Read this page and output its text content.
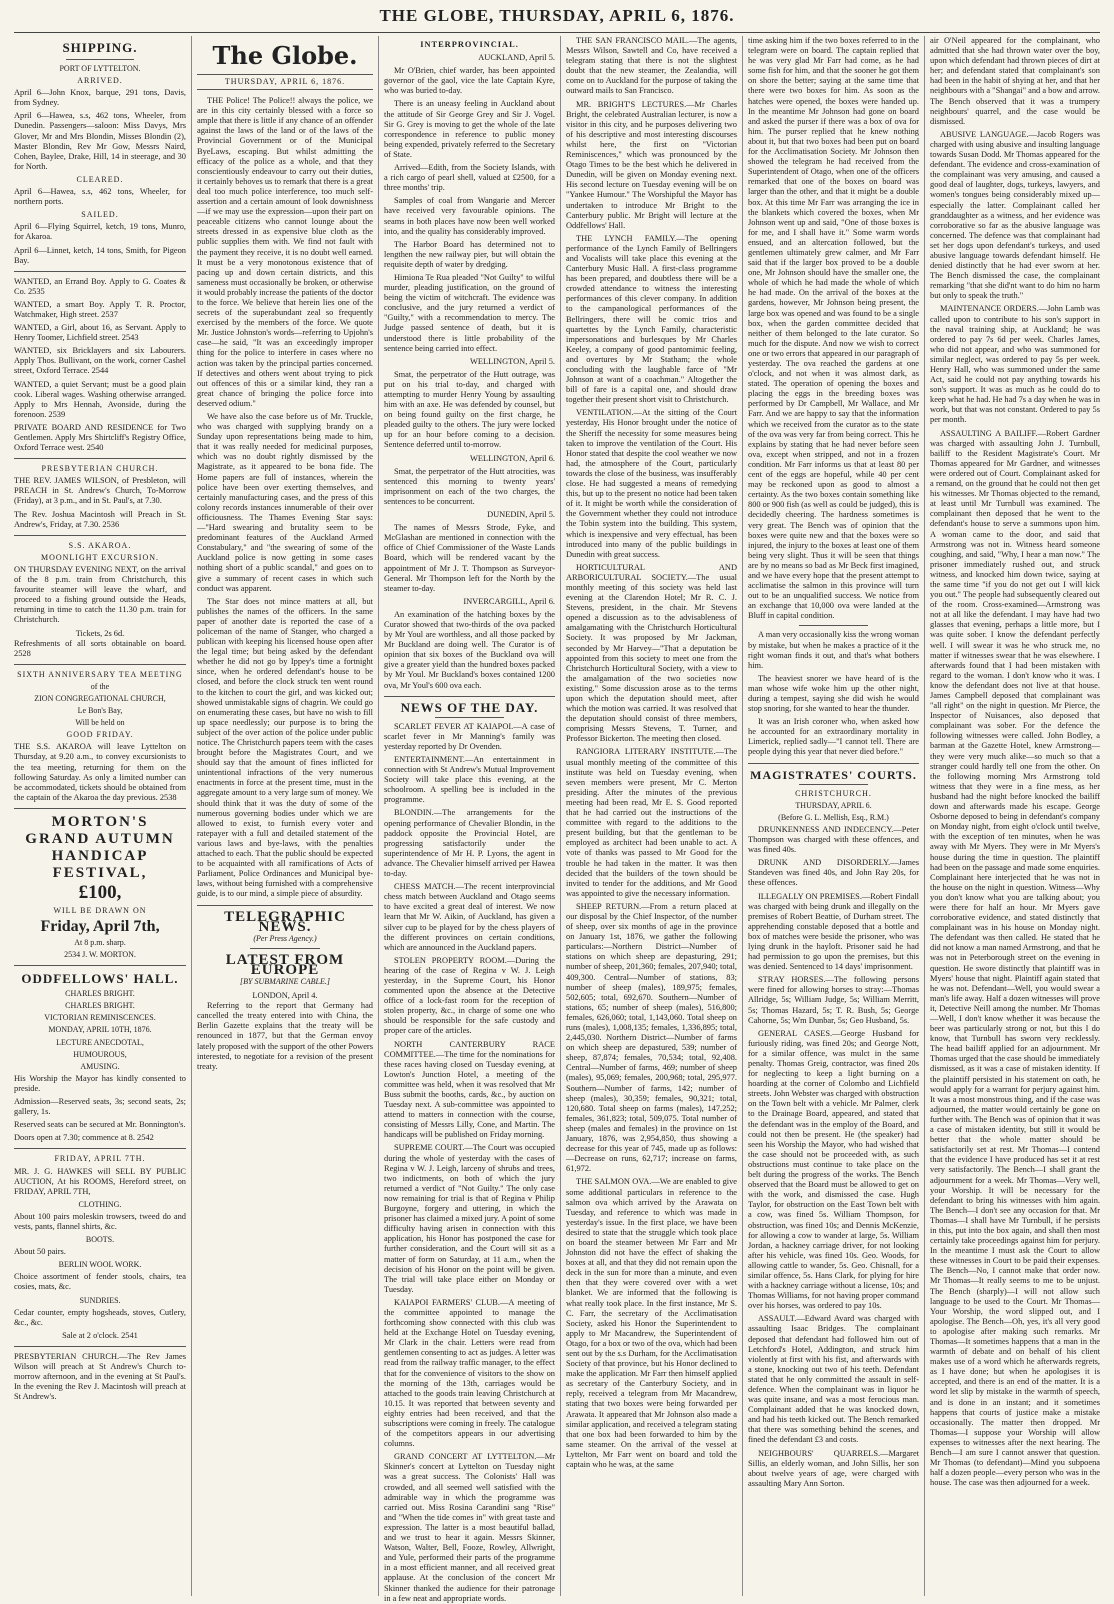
THE GLOBE, THURSDAY, APRIL 6, 1876.
SHIPPING.
PORT OF LYTTELTON.
ARRIVED.
April 6—John Knox, barque, 291 tons, Davis, from Sydney.
April 6—Hawea, s.s, 462 tons, Wheeler, from Dunedin. Passengers—saloon: Miss Davys, Mrs Glover, Mr and Mrs Blondin, Misses Blondin (2), Master Blondin, Rev Mr Gow, Messrs Naird, Cohen, Baylee, Drake, Hill, 14 in steerage, and 30 for North.
CLEARED.
April 6—Hawea, s.s, 462 tons, Wheeler, for northern ports.
SAILED.
April 6—Flying Squirrel, ketch, 19 tons, Munro, for Akaroa.
April 6—Linnet, ketch, 14 tons, Smith, for Pigeon Bay.
WANTED, an Errand Boy. Apply to G. Coates & Co. 2535
WANTED, a smart Boy. Apply T. R. Proctor, Watchmaker, High street. 2537
WANTED, a Girl, about 16, as Servant. Apply to Henry Toomer, Lichfield street. 2543
WANTED, six Bricklayers and six Labourers. Apply Thos. Bullivant, on the work, corner Cashel street, Oxford Terrace. 2544
WANTED, a quiet Servant; must be a good plain cook. Liberal wages. Washing otherwise arranged. Apply to Mrs Hennah, Avonside, during the forenoon. 2539
PRIVATE BOARD AND RESIDENCE for Two Gentlemen. Apply Mrs Shirtcliff's Registry Office, Oxford Terrace west. 2540
PRESBYTERIAN CHURCH.
THE REV. JAMES WILSON, of Presbleton, will PREACH in St. Andrew's Church, To-Morrow (Friday), at 3 p.m., and in St. Paul's, at 7.30.
The Rev. Joshua Macintosh will Preach in St. Andrew's, Friday, at 7.30. 2536
S.S. AKAROA.
MOONLIGHT EXCURSION.
ON THURSDAY EVENING NEXT, on the arrival of the 8 p.m. train from Christchurch, this favourite steamer will leave the wharf, and proceed to a fishing ground outside the Heads, returning in time to catch the 11.30 p.m. train for Christchurch.
Tickets, 2s 6d.
Refreshments of all sorts obtainable on board. 2528
SIXTH ANNIVERSARY TEA MEETING
of the
ZION CONGREGATIONAL CHURCH,
Le Bon's Bay,
Will be held on
GOOD FRIDAY.
THE S.S. AKAROA will leave Lyttelton on Thursday, at 9.20 a.m., to convey excursionists to the tea meeting, returning for them on the following Saturday. As only a limited number can be accommodated, tickets should be obtained from the captain of the Akaroa the day previous. 2538
MORTON'S
GRAND AUTUMN
HANDICAP FESTIVAL,
£100,
WILL BE DRAWN ON
Friday, April 7th,
At 8 p.m. sharp.
2534 J. W. MORTON.
ODDFELLOWS' HALL.
CHARLES BRIGHT.
CHARLES BRIGHT.
VICTORIAN REMINISCENCES.
MONDAY, APRIL 10TH, 1876.
LECTURE ANECDOTAL,
HUMOUROUS,
AMUSING.
His Worship the Mayor has kindly consented to preside.
Admission—Reserved seats, 3s; second seats, 2s; gallery, 1s.
Reserved seats can be secured at Mr. Bonnington's.
Doors open at 7.30; commence at 8. 2542
FRIDAY, APRIL 7TH.
MR. J. G. HAWKES will SELL BY PUBLIC AUCTION, At his ROOMS, Hereford street, on FRIDAY, APRIL 7TH,
CLOTHING.
About 100 pairs moleskin trowsers, tweed do and vests, pants, flannel shirts, &c.
BOOTS.
About 50 pairs.
BERLIN WOOL WORK.
Choice assortment of fender stools, chairs, tea cosies, mats, &c.
SUNDRIES.
Cedar counter, empty hogsheads, stoves, Cutlery, &c., &c.
Sale at 2 o'clock. 2541
PRESBYTERIAN CHURCH.—The Rev James Wilson will preach at St Andrew's Church to-morrow afternoon, and in the evening at St Paul's. In the evening the Rev J. Macintosh will preach at St Andrew's.
The Globe.
THURSDAY, APRIL 6, 1876.

THE Police! The Police!! always the police, we are in this city certainly blessed with a force so ample that there is little if any chance of an offender against the laws of the land or of the laws of the Provincial Government or of the Municipal ByeLaws, escaping. But whilst admitting the efficacy of the police as a whole, and that they conscientiously endeavour to carry out their duties, it certainly behoves us to remark that there is a great deal too much police interference, too much self-assertion and a certain amount of look downishness—if we may use the expression—upon their part on peaceable citizens who cannot lounge about the streets dressed in as expensive blue cloth as the public supplies them with. We find not fault with the payment they receive, it is no doubt well earned. It must be a very monotonous existence that of pacing up and down certain districts, and this sameness must occasionally be broken, or otherwise it would probably increase the patients of the doctor to the force. We believe that herein lies one of the secrets of the superabundant zeal so frequently exercised by the members of the force. We quote Mr. Justice Johnston's words—referring to Upjohn's case—he said, "It was an exceedingly improper thing for the police to interfere in cases where no action was taken by the principal parties concerned. If detectives and others went about trying to pick out offences of this or a similar kind, they ran a great chance of bringing the police force into deserved odium."

We have also the case before us of Mr. Truckle, who was charged with supplying brandy on a Sunday upon representations being made to him, that it was really needed for medicinal purposes, which was no doubt rightly dismissed by the Magistrate, as it appeared to be bona fide. The Home papers are full of instances, wherein the police have been over exerting themselves, and certainly manufacturing cases, and the press of this colony records instances innumerable of their over officiousness. The Thames Evening Star says:—"Hard swearing and brutality seem to be predominant features of the Auckland Armed Constabulary," and "the swearing of some of the Auckland police is now getting in some cases nothing short of a public scandal," and goes on to give a summary of recent cases in which such conduct was apparent.

The Star does not mince matters at all, but publishes the names of the officers. In the same paper of another date is reported the case of a policeman of the name of Stanger, who charged a publican with keeping his licensed house open after the legal time; but being asked by the defendant whether he did not go by Ippey's time a fortnight since, when he ordered defendant's house to be closed, and before the clock struck ten went round to the kitchen to court the girl, and was kicked out; showed unmistakable signs of chagrin. We could go on enumerating these cases, but have no wish to fill up space needlessly; our purpose is to bring the subject of the over action of the police under public notice. The Christchurch papers teem with the cases brought before the Magistrates Court, and we should say that the amount of fines inflicted for unintentional infractions of the very numerous enactments in force at the present time, must in the aggregate amount to a very large sum of money. We should think that it was the duty of some of the numerous governing bodies under which we are allowed to exist, to furnish every voter and ratepayer with a full and detailed statement of the various laws and bye-laws, with the penalties attached to each. That the public should be expected to be acquainted with all ramifications of Acts of Parliament, Police Ordinances and Municipal bye-laws, without being furnished with a comprehensive guide, is to our mind, a simple piece of absurdity.

TELEGRAPHIC NEWS.
(Per Press Agency.)
LATEST FROM EUROPE
[BY SUBMARINE CABLE.]
LONDON, April 4.

Referring to the report that Germany had cancelled the treaty entered into with China, the Berlin Gazette explains that the treaty will be renounced in 1877, but that the German envoy lately proposed with the support of the other Powers interested, to negotiate for a revision of the present treaty.

INTERPROVINCIAL.

AUCKLAND, April 5.

Mr O'Brien, chief warder, has been appointed governor of the gaol, vice the late Captain Kyre, who was buried to-day.

There is an uneasy feeling in Auckland about the attitude of Sir George Grey and Sir J. Vogel. Sir G. Grey is moving to get the whole of the late correspondence in reference to public money being expended, privately referred to the Secretary of State.

Arrived—Edith, from the Society Islands, with a rich cargo of pearl shell, valued at £2500, for a three months' trip.

Samples of coal from Wangarie and Mercer have received very favourable opinions. The seams in both places have now been well worked into, and the quality has considerably improved.

The Harbor Board has determined not to lengthen the new railway pier, but will obtain the requisite depth of water by dredging.

Himiona Te Rua pleaded "Not Guilty" to wilful murder, pleading justification, on the ground of being the victim of witchcraft. The evidence was conclusive, and the jury returned a verdict of "Guilty," with a recommendation to mercy. The Judge passed sentence of death, but it is understood there is little probability of the sentence being carried into effect.

WELLINGTON, April 5.

Smat, the perpetrator of the Hutt outrage, was put on his trial to-day, and charged with attempting to murder Henry Young by assaulting him with an axe. He was defended by counsel, but on being found guilty on the first charge, he pleaded guilty to the others. The jury were locked up for an hour before coming to a decision. Sentence deferred until to-morrow.

WELLINGTON, April 6.

Smat, the perpetrator of the Hutt atrocities, was sentenced this morning to twenty years' imprisonment on each of the two charges, the sentences to be concurrent.

DUNEDIN, April 5.

The names of Messrs Strode, Fyke, and McGlashan are mentioned in connection with the office of Chief Commissioner of the Waste Lands Board, which will be rendered vacant by the appointment of Mr J. T. Thompson as Surveyor-General. Mr Thompson left for the North by the steamer to-day.

INVERCARGILL, April 6.

An examination of the hatching boxes by the Curator showed that two-thirds of the ova packed by Mr Youl are worthless, and all those packed by Mr Buckland are doing well. The Curator is of opinion that six boxes of the Buckland ova will give a greater yield than the hundred boxes packed by Mr Youl. Mr Buckland's boxes contained 1200 ova, Mr Youl's 600 ova each.

NEWS OF THE DAY.

SCARLET FEVER AT KAIAPOI.—A case of scarlet fever in Mr Manning's family was yesterday reported by Dr Ovenden.

ENTERTAINMENT.—An entertainment in connection with St Andrew's Mutual Improvement Society will take place this evening, at the schoolroom. A spelling bee is included in the programme.

BLONDIN.—The arrangements for the opening performance of Chevalier Blondin, in the paddock opposite the Provincial Hotel, are progressing satisfactorily under the superintendence of Mr H. P. Lyons, the agent in advance. The Chevalier himself arrived per Hawea to-day.

CHESS MATCH.—The recent interprovincial chess match between Auckland and Otago seems to have excited a great deal of interest. We now learn that Mr W. Aikin, of Auckland, has given a silver cup to be played for by the chess players of the different provinces on certain conditions, which are announced in the Auckland papers.

STOLEN PROPERTY ROOM.—During the hearing of the case of Regina v W. J. Leigh yesterday, in the Supreme Court, his Honor commented upon the absence at the Detective office of a lock-fast room for the reception of stolen property, &c., in charge of some one who should be responsible for the safe custody and proper care of the articles.

NORTH CANTERBURY RACE COMMITTEE.—The time for the nominations for these races having closed on Tuesday evening, at Lowton's Junction Hotel, a meeting of the committee was held, when it was resolved that Mr Buss submit the booths, cards, &c., by auction on Tuesday next. A sub-committee was appointed to attend to matters in connection with the course, consisting of Messrs Lilly, Cone, and Martin. The handicaps will be published on Friday morning.

SUPREME COURT.—The Court was occupied during the whole of yesterday with the cases of Regina v W. J. Leigh, larceny of shrubs and trees, two indictments, on both of which the jury returned a verdict of "Not Guilty." The only case now remaining for trial is that of Regina v Philip Burgoyne, forgery and uttering, in which the prisoner has claimed a mixed jury. A point of some difficulty having arisen in connection with this application, his Honor has postponed the case for further consideration, and the Court will sit as a matter of form on Saturday, at 11 a.m., when the decision of his Honor on the point will be given. The trial will take place either on Monday or Tuesday.

KAIAPOI FARMERS' CLUB.—A meeting of the committee appointed to manage the forthcoming show connected with this club was held at the Exchange Hotel on Tuesday evening, Mr Clark in the chair. Letters were read from gentlemen consenting to act as judges. A letter was read from the railway traffic manager, to the effect that for the convenience of visitors to the show on the morning of the 13th, carriages would be attached to the goods train leaving Christchurch at 10.15. It was reported that between seventy and eighty entries had been received, and that the subscriptions were coming in freely. The catalogue of the competitors appears in our advertising columns.

GRAND CONCERT AT LYTTELTON.—Mr Skinner's concert at Lyttelton on Tuesday night was a great success. The Colonists' Hall was crowded, and all seemed well satisfied with the admirable way in which the programme was carried out. Miss Rosina Carandini sang "Rise" and "When the tide comes in" with great taste and expression. The latter is a most beautiful ballad, and we trust to hear it again. Messrs Skinner, Watson, Walter, Bell, Fooze, Rowley, Allwright, and Yule, performed their parts of the programme in a most efficient manner, and all received great applause. At the conclusion of the concert Mr Skinner thanked the audience for their patronage in a few neat and appropriate words.

THE SAN FRANCISCO MAIL.—The agents, Messrs Wilson, Sawtell and Co, have received a telegram stating that there is not the slightest doubt that the new steamer, the Zealandia, will come on to Auckland for the purpose of taking the outward mails to San Francisco.

MR. BRIGHT'S LECTURES.—Mr Charles Bright, the celebrated Australian lecturer, is now a visitor in this city, and he purposes delivering two of his descriptive and most interesting discourses whilst here, the first on "Victorian Reminiscences," which was pronounced by the Otago Times to be the best which he delivered in Dunedin, will be given on Monday evening next. His second lecture on Tuesday evening will be on "Yankee Humour." The Worshipful the Mayor has undertaken to introduce Mr Bright to the Canterbury public. Mr Bright will lecture at the Oddfellows' Hall.

THE LYNCH FAMILY.—The opening performance of the Lynch Family of Bellringers and Vocalists will take place this evening at the Canterbury Music Hall. A first-class programme has been prepared, and doubtless there will be a crowded attendance to witness the interesting performances of this clever company. In addition to the campanological performances of the Bellringers, there will be comic trios and quartettes by the Lynch Family, characteristic impersonations and burlesques by Mr Charles Keeley, a company of good pantomimic feeling, and overtures by Mr Statham; the whole concluding with the laughable farce of "Mr Johnson at want of a coachman." Altogether the bill of fare is a capital one, and should draw together their present short visit to Christchurch.

VENTILATION.—At the sitting of the Court yesterday, His Honor brought under the notice of the Sheriff the necessity for some measures being taken to improve the ventilation of the Court. His Honor stated that despite the cool weather we now had, the atmosphere of the Court, particularly towards the close of the business, was insufferably close. He had suggested a means of remedying this, but up to the present no notice had been taken of it. It might be worth while the consideration of the Government whether they could not introduce the Tobin system into the building. This system, which is inexpensive and very effectual, has been introduced into many of the public buildings in Dunedin with great success.

HORTICULTURAL AND ARBORICULTURAL SOCIETY.—The usual monthly meeting of this society was held last evening at the Clarendon Hotel; Mr R. C. J. Stevens, president, in the chair. Mr Stevens opened a discussion as to the advisableness of amalgamating with the Christchurch Horticultural Society. It was proposed by Mr Jackman, seconded by Mr Harvey—"That a deputation be appointed from this society to meet one from the Christchurch Horticultural Society, with a view to the amalgamation of the two societies now existing." Some discussion arose as to the terms upon which the deputation should meet, after which the motion was carried. It was resolved that the deputation should consist of three members, comprising Messrs Stevens, T. Turner, and Professor Bickerton. The meeting then closed.

RANGIORA LITERARY INSTITUTE.—The usual monthly meeting of the committee of this institute was held on Tuesday evening, when seven members were present, Mr C. Merton presiding. After the minutes of the previous meeting had been read, Mr E. S. Good reported that he had carried out the instructions of the committee with regard to the additions to the present building, but that the gentleman to be employed as architect had been unable to act. A vote of thanks was passed to Mr Good for the trouble he had taken in the matter. It was then decided that the builders of the town should be invited to tender for the additions, and Mr Good was appointed to give the necessary information.

SHEEP RETURN.—From a return placed at our disposal by the Chief Inspector, of the number of sheep, over six months of age in the province on January 1st, 1876, we gather the following particulars:—Northern District—Number of stations on which sheep are depasturing, 291; number of sheep, 201,360; females, 207,940; total, 409,300. Central—Number of stations, 83; number of sheep (males), 189,975; females, 502,605; total, 692,670. Southern—Number of stations, 65; number of sheep (males), 516,800; females, 626,060; total, 1,143,060. Total sheep on runs (males), 1,008,135; females, 1,336,895; total, 2,445,030. Northern District—Number of farms on which sheep are depastured, 539; number of sheep, 87,874; females, 70,534; total, 92,408. Central—Number of farms, 469; number of sheep (males), 95,069; females, 200,968; total, 295,977. Southern—Number of farms, 142; number of sheep (males), 30,359; females, 90,321; total, 120,680. Total sheep on farms (males), 147,252; females, 361,823; total, 509,075. Total number of sheep (males and females) in the province on 1st January, 1876, was 2,954,850, thus showing a decrease for this year of 745, made up as follows:—Decrease on runs, 62,717; increase on farms, 61,972.

THE SALMON OVA.—We are enabled to give some additional particulars in reference to the salmon ova which arrived by the Arawata on Tuesday, and reference to which was made in yesterday's issue. In the first place, we have been desired to state that the struggle which took place on board the steamer between Mr Farr and Mr Johnston did not have the effect of shaking the boxes at all, and that they did not remain upon the deck in the sun for more than a minute, and even then that they were covered over with a wet blanket. We are informed that the following is what really took place. In the first instance, Mr S. C. Farr, the secretary of the Acclimatisation Society, asked his Honor the Superintendent to apply to Mr Macandrew, the Superintendent of Otago, for a box or two of the ova, which had been sent out by the s.s Durham, for the Acclimatisation Society of that province, but his Honor declined to make the application. Mr Farr then himself applied as secretary of the Canterbury Society, and in reply, received a telegram from Mr Macandrew, stating that two boxes were being forwarded per Arawata. It appeared that Mr Johnson also made a similar application, and received a telegram stating that one box had been forwarded to him by the same steamer. On the arrival of the vessel at Lyttelton, Mr Farr went on board and told the captain who he was, at the same

time asking him if the two boxes referred to in the telegram were on board. The captain replied that he was very glad Mr Farr had come, as he had some fish for him, and that the sooner he got them on shore the better; saying at the same time that there were two boxes for him. As soon as the hatches were opened, the boxes were handed up. In the meantime Mr Johnson had gone on board and asked the purser if there was a box of ova for him. The purser replied that he knew nothing about it, but that two boxes had been put on board for the Acclimatisation Society. Mr Johnson then showed the telegram he had received from the Superintendent of Otago, when one of the officers remarked that one of the boxes on board was larger than the other, and that it might be a double box. At this time Mr Farr was arranging the ice in the blankets which covered the boxes, when Mr Johnson went up and said, "One of those boxes is for me, and I shall have it." Some warm words ensued, and an altercation followed, but the gentlemen ultimately grew calmer, and Mr Farr said that if the larger box proved to be a double one, Mr Johnson should have the smaller one, the whole of which he had made the whole of which he had made. On the arrival of the boxes at the gardens, however, Mr Johnson being present, the large box was opened and was found to be a single box, when the garden committee decided that neither of them belonged to the late curator. So much for the dispute. And now we wish to correct one or two errors that appeared in our paragraph of yesterday. The ova reached the gardens at one o'clock, and not when it was almost dark, as stated. The operation of opening the boxes and placing the eggs in the breeding boxes was performed by Dr Campbell, Mr Wallace, and Mr Farr. And we are happy to say that the information which we received from the curator as to the state of the ova was very far from being correct. This he explains by stating that he had never before seen ova, except when stripped, and not in a frozen condition. Mr Farr informs us that at least 80 per cent of the eggs are hopeful, while 40 per cent may be reckoned upon as good to almost a certainty. As the two boxes contain something like 800 or 900 fish (as well as could be judged), this is decidedly cheering. The hardness sometimes is very great. The Bench was of opinion that the boxes were quite new and that the boxes were so injured, the injury to the boxes at least one of them being very slight. Thus it will be seen that things are by no means so bad as Mr Beck first imagined, and we have every hope that the present attempt to acclimatise the salmon in this province will turn out to be an unqualified success. We notice from an exchange that 10,000 ova were landed at the Bluff in capital condition.

A man very occasionally kiss the wrong woman by mistake, but when he makes a practice of it the right woman finds it out, and that's what bothers him.

The heaviest snorer we have heard of is the man whose wife woke him up the other night, during a tempest, saying she did wish he would stop snoring, for she wanted to hear the thunder.

It was an Irish coroner who, when asked how he accounted for an extraordinary mortality in Limerick, replied sadly—"I cannot tell. There are people dying this year that never died before."

MAGISTRATES' COURTS.
CHRISTCHURCH.
THURSDAY, APRIL 6.
(Before G. L. Mellish, Esq., R.M.)

DRUNKENNESS AND INDECENCY.—Peter Thompson was charged with these offences, and was fined 40s.

DRUNK AND DISORDERLY.—James Standeven was fined 40s, and John Ray 20s, for these offences.

ILLEGALLY ON PREMISES.—Robert Findall was charged with being drunk and illegally on the premises of Robert Beattie, of Durham street. The apprehending constable deposed that a bottle and box of matches were beside the prisoner, who was lying drunk in the hayloft. Prisoner said he had had permission to go upon the premises, but this was denied. Sentenced to 14 days' imprisonment.

STRAY HORSES.—The following persons were fined for allowing horses to stray:—Thomas Allridge, 5s; William Judge, 5s; William Merritt, 5s; Thomas Hazard, 5s; T. R. Bush, 5s; George Cahorne, 5s; Wm Dunbar, 5s; Geo Husband, 5s.

GENERAL CASES.—George Husband for furiously riding, was fined 20s; and George Nott, for a similar offence, was mulct in the same penalty. Thomas Greig, contractor, was fined 20s for neglecting to keep a light burning on a hoarding at the corner of Colombo and Lichfield streets. John Webster was charged with obstruction on the Town belt with a vehicle. Mr Palmer, clerk to the Drainage Board, appeared, and stated that the defendant was in the employ of the Board, and could not then be present. He (the speaker) had seen his Worship the Mayor, who had wished that the case should not be proceeded with, as such obstructions must continue to take place on the belt during the progress of the works. The Bench observed that the Board must be allowed to get on with the work, and dismissed the case. Hugh Taylor, for obstruction on the East Town belt with a cow, was fined 5s. William Thompson, for obstruction, was fined 10s; and Dennis McKenzie, for allowing a cow to wander at large, 5s. William Jordan, a hackney carriage driver, for not looking after his vehicle, was fined 10s. Geo. Woods, for allowing cattle to wander, 5s. Geo. Chisnall, for a similar offence, 5s. Hans Clark, for plying for hire with a hackney carriage without a license, 10s; and Thomas Williams, for not having proper command over his horses, was ordered to pay 10s.

ASSAULT.—Edward Avard was charged with assaulting Isaac Bridges. The complainant deposed that defendant had followed him out of Letchford's Hotel, Addington, and struck him violently at first with his fist, and afterwards with a stone, knocking out two of his teeth. Defendant stated that he only committed the assault in self-defence. When the complainant was in liquor he was quite insane, and was a most ferocious man. Complainant added that he was knocked down, and had his teeth kicked out. The Bench remarked that there was something behind the scenes, and fined the defendant £3 and costs.

NEIGHBOURS' QUARRELS.—Margaret Sillis, an elderly woman, and John Sillis, her son about twelve years of age, were charged with assaulting Mary Ann Sorton.

air O'Neil appeared for the complainant, who admitted that she had thrown water over the boy, upon which defendant had thrown pieces of dirt at her; and defendant stated that complainant's son had been in the habit of shying at her, and that her neighbours with a "Shangai" and a bow and arrow. The Bench observed that it was a trumpery neighbours' quarrel, and the case would be dismissed.

ABUSIVE LANGUAGE.—Jacob Rogers was charged with using abusive and insulting language towards Susan Dodd. Mr Thomas appeared for the defendant. The evidence and cross-examination of the complainant was very amusing, and caused a good deal of laughter, dogs, turkeys, lawyers, and women's tongues being considerably mixed up—especially the latter. Complainant called her granddaughter as a witness, and her evidence was corroborative so far as the abusive language was concerned. The defence was that complainant had set her dogs upon defendant's turkeys, and used abusive language towards defendant himself. He denied distinctly that he had ever sworn at her. The Bench dismissed the case, the complainant remarking "that she did'nt want to do him no harm but only to speak the truth."

MAINTENANCE ORDERS.—John Lamb was called upon to contribute to his son's support in the naval training ship, at Auckland; he was ordered to pay 7s 6d per week. Charles James, who did not appear, and who was summoned for similar neglect, was ordered to pay 5s per week. Henry Hall, who was summoned under the same Act, said he could not pay anything towards his son's support. It was as much as he could do to keep what he had. He had 7s a day when he was in work, but that was not constant. Ordered to pay 5s per month.

ASSAULTING A BAILIFF.—Robert Gardner was charged with assaulting John J. Turnbull, bailiff to the Resident Magistrate's Court. Mr Thomas appeared for Mr Gardner, and witnesses were ordered out of Court. Complainant asked for a remand, on the ground that he could not then get his witnesses. Mr Thomas objected to the remand, at least until Mr Turnbull was examined. The complainant then deposed that he went to the defendant's house to serve a summons upon him. A woman came to the door, and said that Armstrong was not in. Witness heard someone coughing, and said, "Why, I hear a man now." The prisoner immediately rushed out, and struck witness, and knocked him down twice, saying at the same time "if you do not get out I will kick you out." The people had subsequently cleared out of the room. Cross-examined—Armstrong was not at all like the defendant. I may have had two glasses that evening, perhaps a little more, but I was quite sober. I know the defendant perfectly well. I will swear it was he who struck me, no matter if witnesses swear that he was elsewhere. I afterwards found that I had been mistaken with regard to the woman. I don't know who it was. I know the defendant does not live at that house. James Campbell deposed that complainant was "all right" on the night in question. Mr Pierce, the Inspector of Nuisances, also deposed that complainant was sober. For the defence the following witnesses were called. John Bodley, a barman at the Gazette Hotel, knew Armstrong—they were very much alike—so much so that a stranger could hardly tell one from the other. On the following morning Mrs Armstrong told witness that they were in a fine mess, as her husband had the night before knocked the bailiff down and afterwards made his escape. George Osborne deposed to being in defendant's company on Monday night, from eight o'clock until twelve, with the exception of ten minutes, when he was away with Mr Myers. They were in Mr Myers's house during the time in question. The plaintiff had been on the passage and made some enquiries. Complainant here interjected that he was not in the house on the night in question. Witness—Why you don't know what you are talking about; you were there for half an hour. Mr Myers gave corroborative evidence, and stated distinctly that complainant was in his house on Monday night. The defendant was then called. He stated that he did not know a man named Armstrong, and that he was not in Peterborough street on the evening in question. He swore distinctly that plaintiff was in Myers' house that night. Plaintiff again stated that he was not. Defendant—Well, you would swear a man's life away. Half a dozen witnesses will prove it, Detective Neill among the number. Mr Thomas—Well, I don't know whether it was because the beer was particularly strong or not, but this I do know, that Turnbull has sworn very recklessly. The head bailiff applied for an adjournment. Mr Thomas urged that the case should be immediately dismissed, as it was a case of mistaken identity. If the plaintiff persisted in his statement on oath, he would apply for a warrant for perjury against him. It was a most monstrous thing, and if the case was adjourned, the matter would certainly be gone on further with. The Bench was of opinion that it was a case of mistaken identity, but still it would be better that the whole matter should be satisfactorily set at rest. Mr Thomas—I contend that the evidence I have produced has set it at rest very satisfactorily. The Bench—I shall grant the adjournment for a week. Mr Thomas—Very well, your Worship. It will be necessary for the defendant to bring his witnesses with him again. The Bench—I don't see any occasion for that. Mr Thomas—I shall have Mr Turnbull, if he persists in this, put into the box again, and shall then most certainly take proceedings against him for perjury. In the meantime I must ask the Court to allow these witnesses in Court to be paid their expenses. The Bench—No, I cannot make that order now. Mr Thomas—It really seems to me to be unjust. The Bench (sharply)—I will not allow such language to be used to the Court. Mr Thomas—Your Worship, the word slipped out, and I apologise. The Bench—Oh, yes, it's all very good to apologise after making such remarks. Mr Thomas—It sometimes happens that a man in the warmth of debate and on behalf of his client makes use of a word which he afterwards regrets, as I have done; but when he apologises it is accepted, and there is an end of the matter. It is a word let slip by mistake in the warmth of speech, and is done in an instant; and it sometimes happens that courts of justice make a mistake occasionally. The matter then dropped. Mr Thomas—I suppose your Worship will allow expenses to witnesses after the next hearing. The Bench—I am sure I cannot answer that question. Mr Thomas (to defendant)—Mind you subpoena half a dozen people—every person who was in the house. The case was then adjourned for a week.
